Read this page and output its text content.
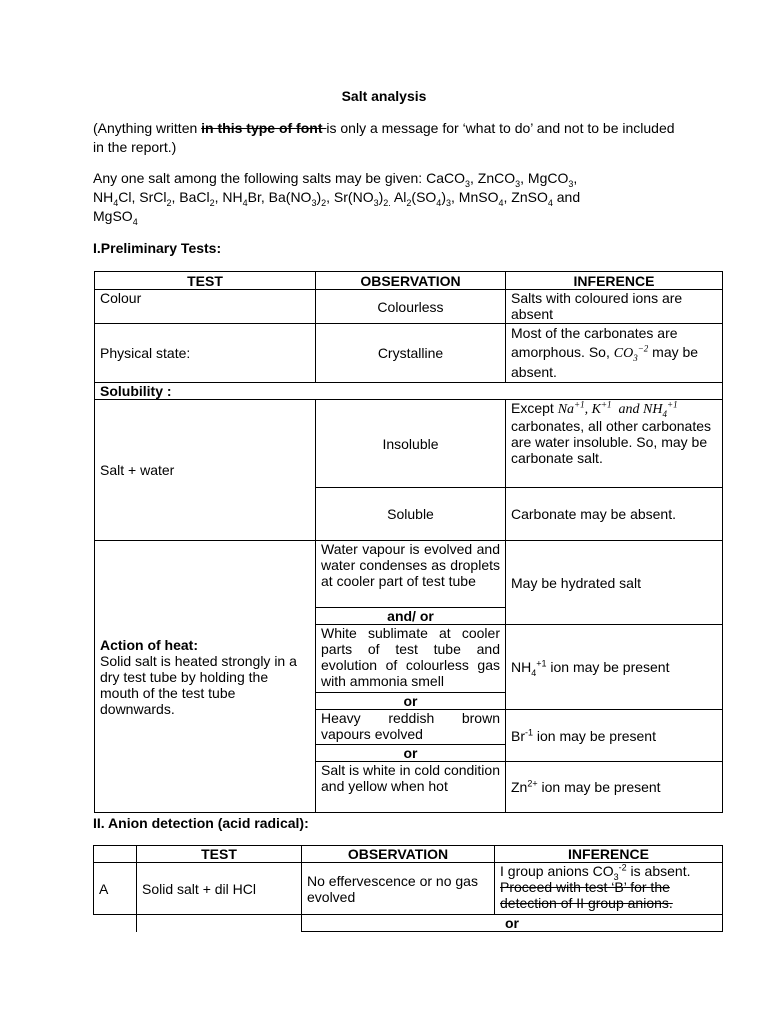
Salt analysis
(Anything written in this type of font is only a message for ‘what to do’ and not to be included in the report.)
Any one salt among the following salts may be given: CaCO$_3$, ZnCO$_3$, MgCO$_3$,
$NH_4Cl$, SrCl$_2$, BaCl$_2$, $NH_4Br$, $Ba(NO_3)_2$, $Sr(NO_3)_{2.}$ $Al_2(SO_4)_3$, MnSO$_4$, ZnSO$_4$ and
MgSO$_4$
I.Preliminary Tests:
TEST	OBSERVATION	INFERENCE
Colour	Colourless	Salts with coloured ions are absent
Physical state:	Crystalline	Most of the carbonates are amorphous. So, $CO_3^{-2}$ may be absent.
Solubility :		
Salt + water	Insoluble	Except $Na^{+1}$, $K^{+1}$ and $NH_4^{+1}$
carbonates, all other carbonates are water insoluble. So, may be carbonate salt.
	Soluble	Carbonate may be absent.
Action of heat:
Solid salt is heated strongly in a dry test tube by holding the mouth of the test tube downwards.	Water vapour is evolved and water condenses as droplets at cooler part of test tube	May be hydrated salt
	and/ or	
	White sublimate at cooler parts of test tube and evolution of colourless gas with ammonia smell	$NH_4^{+1}$ ion may be present
	or	
	Heavy reddish brown vapours evolved	$Br^{-1}$ ion may be present
	or	
	Salt is white in cold condition and yellow when hot	$Zn^{2+}$ ion may be present
II. Anion detection (acid radical):
	TEST	OBSERVATION	INFERENCE
A	Solid salt + dil HCl	No effervescence or no gas evolved	I group anions $CO_3^{-2}$ is absent.
Proceed with test ‘B’ for the detection of II group anions.
		or	
